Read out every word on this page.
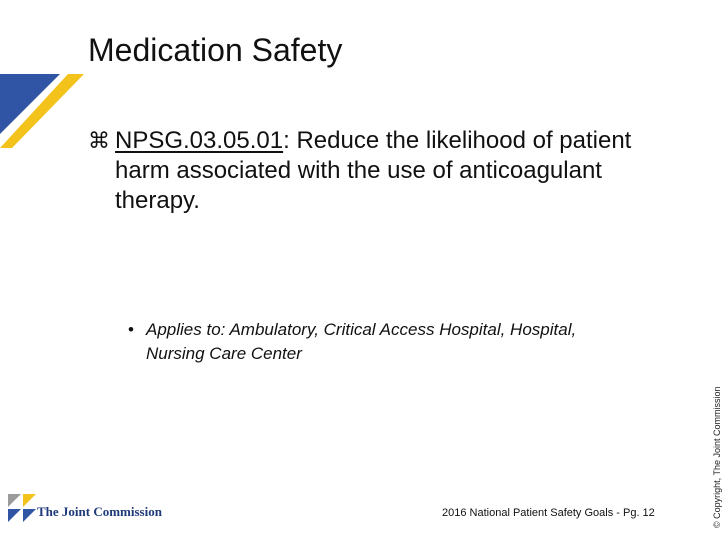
Medication Safety
⌘ NPSG.03.05.01: Reduce the likelihood of patient harm associated with the use of anticoagulant therapy.
• Applies to: Ambulatory, Critical Access Hospital, Hospital, Nursing Care Center
© Copyright, The Joint Commission
The Joint Commission	2016 National Patient Safety Goals - Pg. 12
